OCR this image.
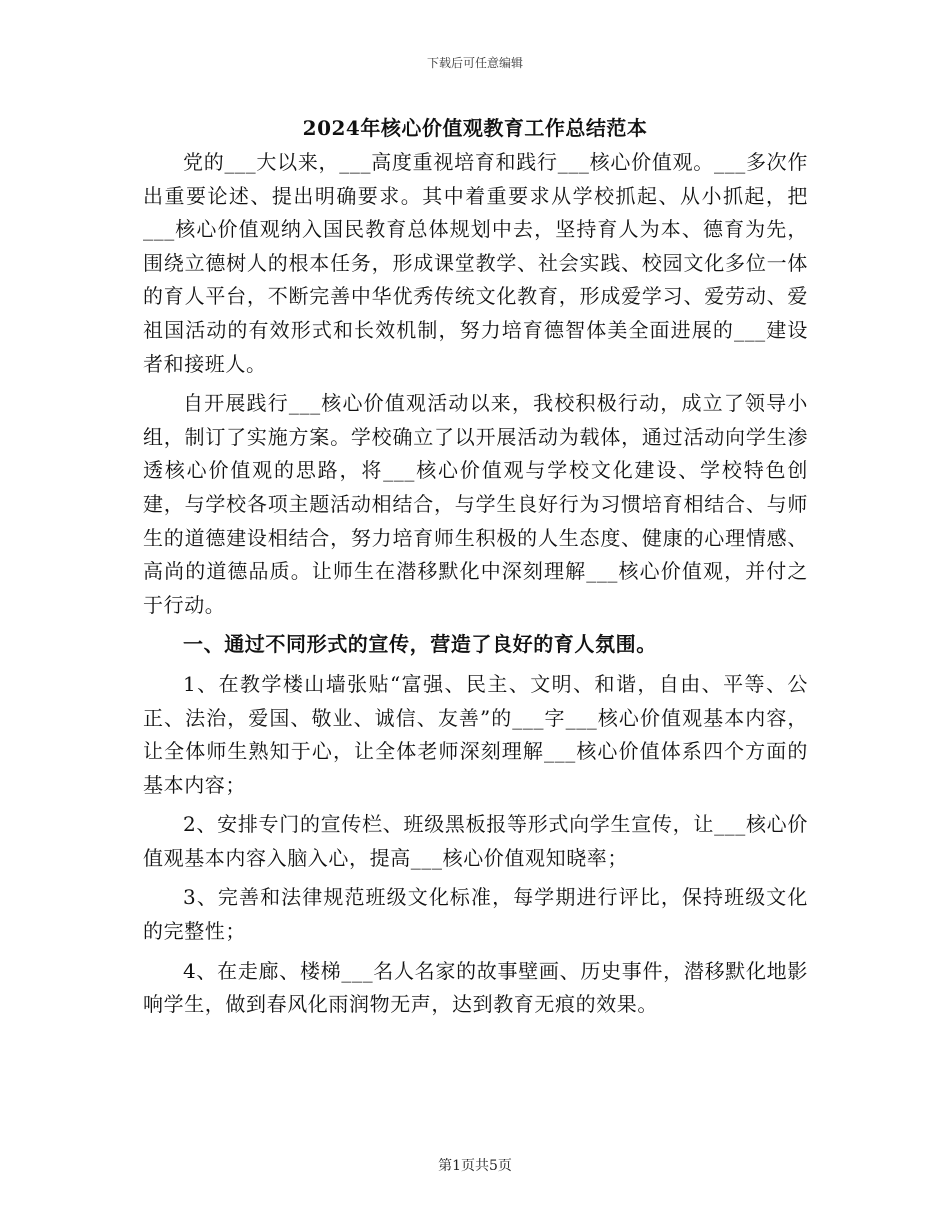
下载后可任意编辑
2024年核心价值观教育工作总结范本

党的___大以来，___高度重视培育和践行___核心价值观。___多次作出重要论述、提出明确要求。其中着重要求从学校抓起、从小抓起，把___核心价值观纳入国民教育总体规划中去，坚持育人为本、德育为先，围绕立德树人的根本任务，形成课堂教学、社会实践、校园文化多位一体的育人平台，不断完善中华优秀传统文化教育，形成爱学习、爱劳动、爱祖国活动的有效形式和长效机制，努力培育德智体美全面进展的___建设者和接班人。

自开展践行___核心价值观活动以来，我校积极行动，成立了领导小组，制订了实施方案。学校确立了以开展活动为载体，通过活动向学生渗透核心价值观的思路，将___核心价值观与学校文化建设、学校特色创建，与学校各项主题活动相结合，与学生良好行为习惯培育相结合、与师生的道德建设相结合，努力培育师生积极的人生态度、健康的心理情感、高尚的道德品质。让师生在潜移默化中深刻理解___核心价值观，并付之于行动。

一、通过不同形式的宣传，营造了良好的育人氛围。

1、在教学楼山墙张贴“富强、民主、文明、和谐，自由、平等、公正、法治，爱国、敬业、诚信、友善”的___字___核心价值观基本内容，让全体师生熟知于心，让全体老师深刻理解___核心价值体系四个方面的基本内容；

2、安排专门的宣传栏、班级黑板报等形式向学生宣传，让___核心价值观基本内容入脑入心，提高___核心价值观知晓率；

3、完善和法律规范班级文化标准，每学期进行评比，保持班级文化的完整性；

4、在走廊、楼梯___名人名家的故事壁画、历史事件，潜移默化地影响学生，做到春风化雨润物无声，达到教育无痕的效果。

第1页共5页
